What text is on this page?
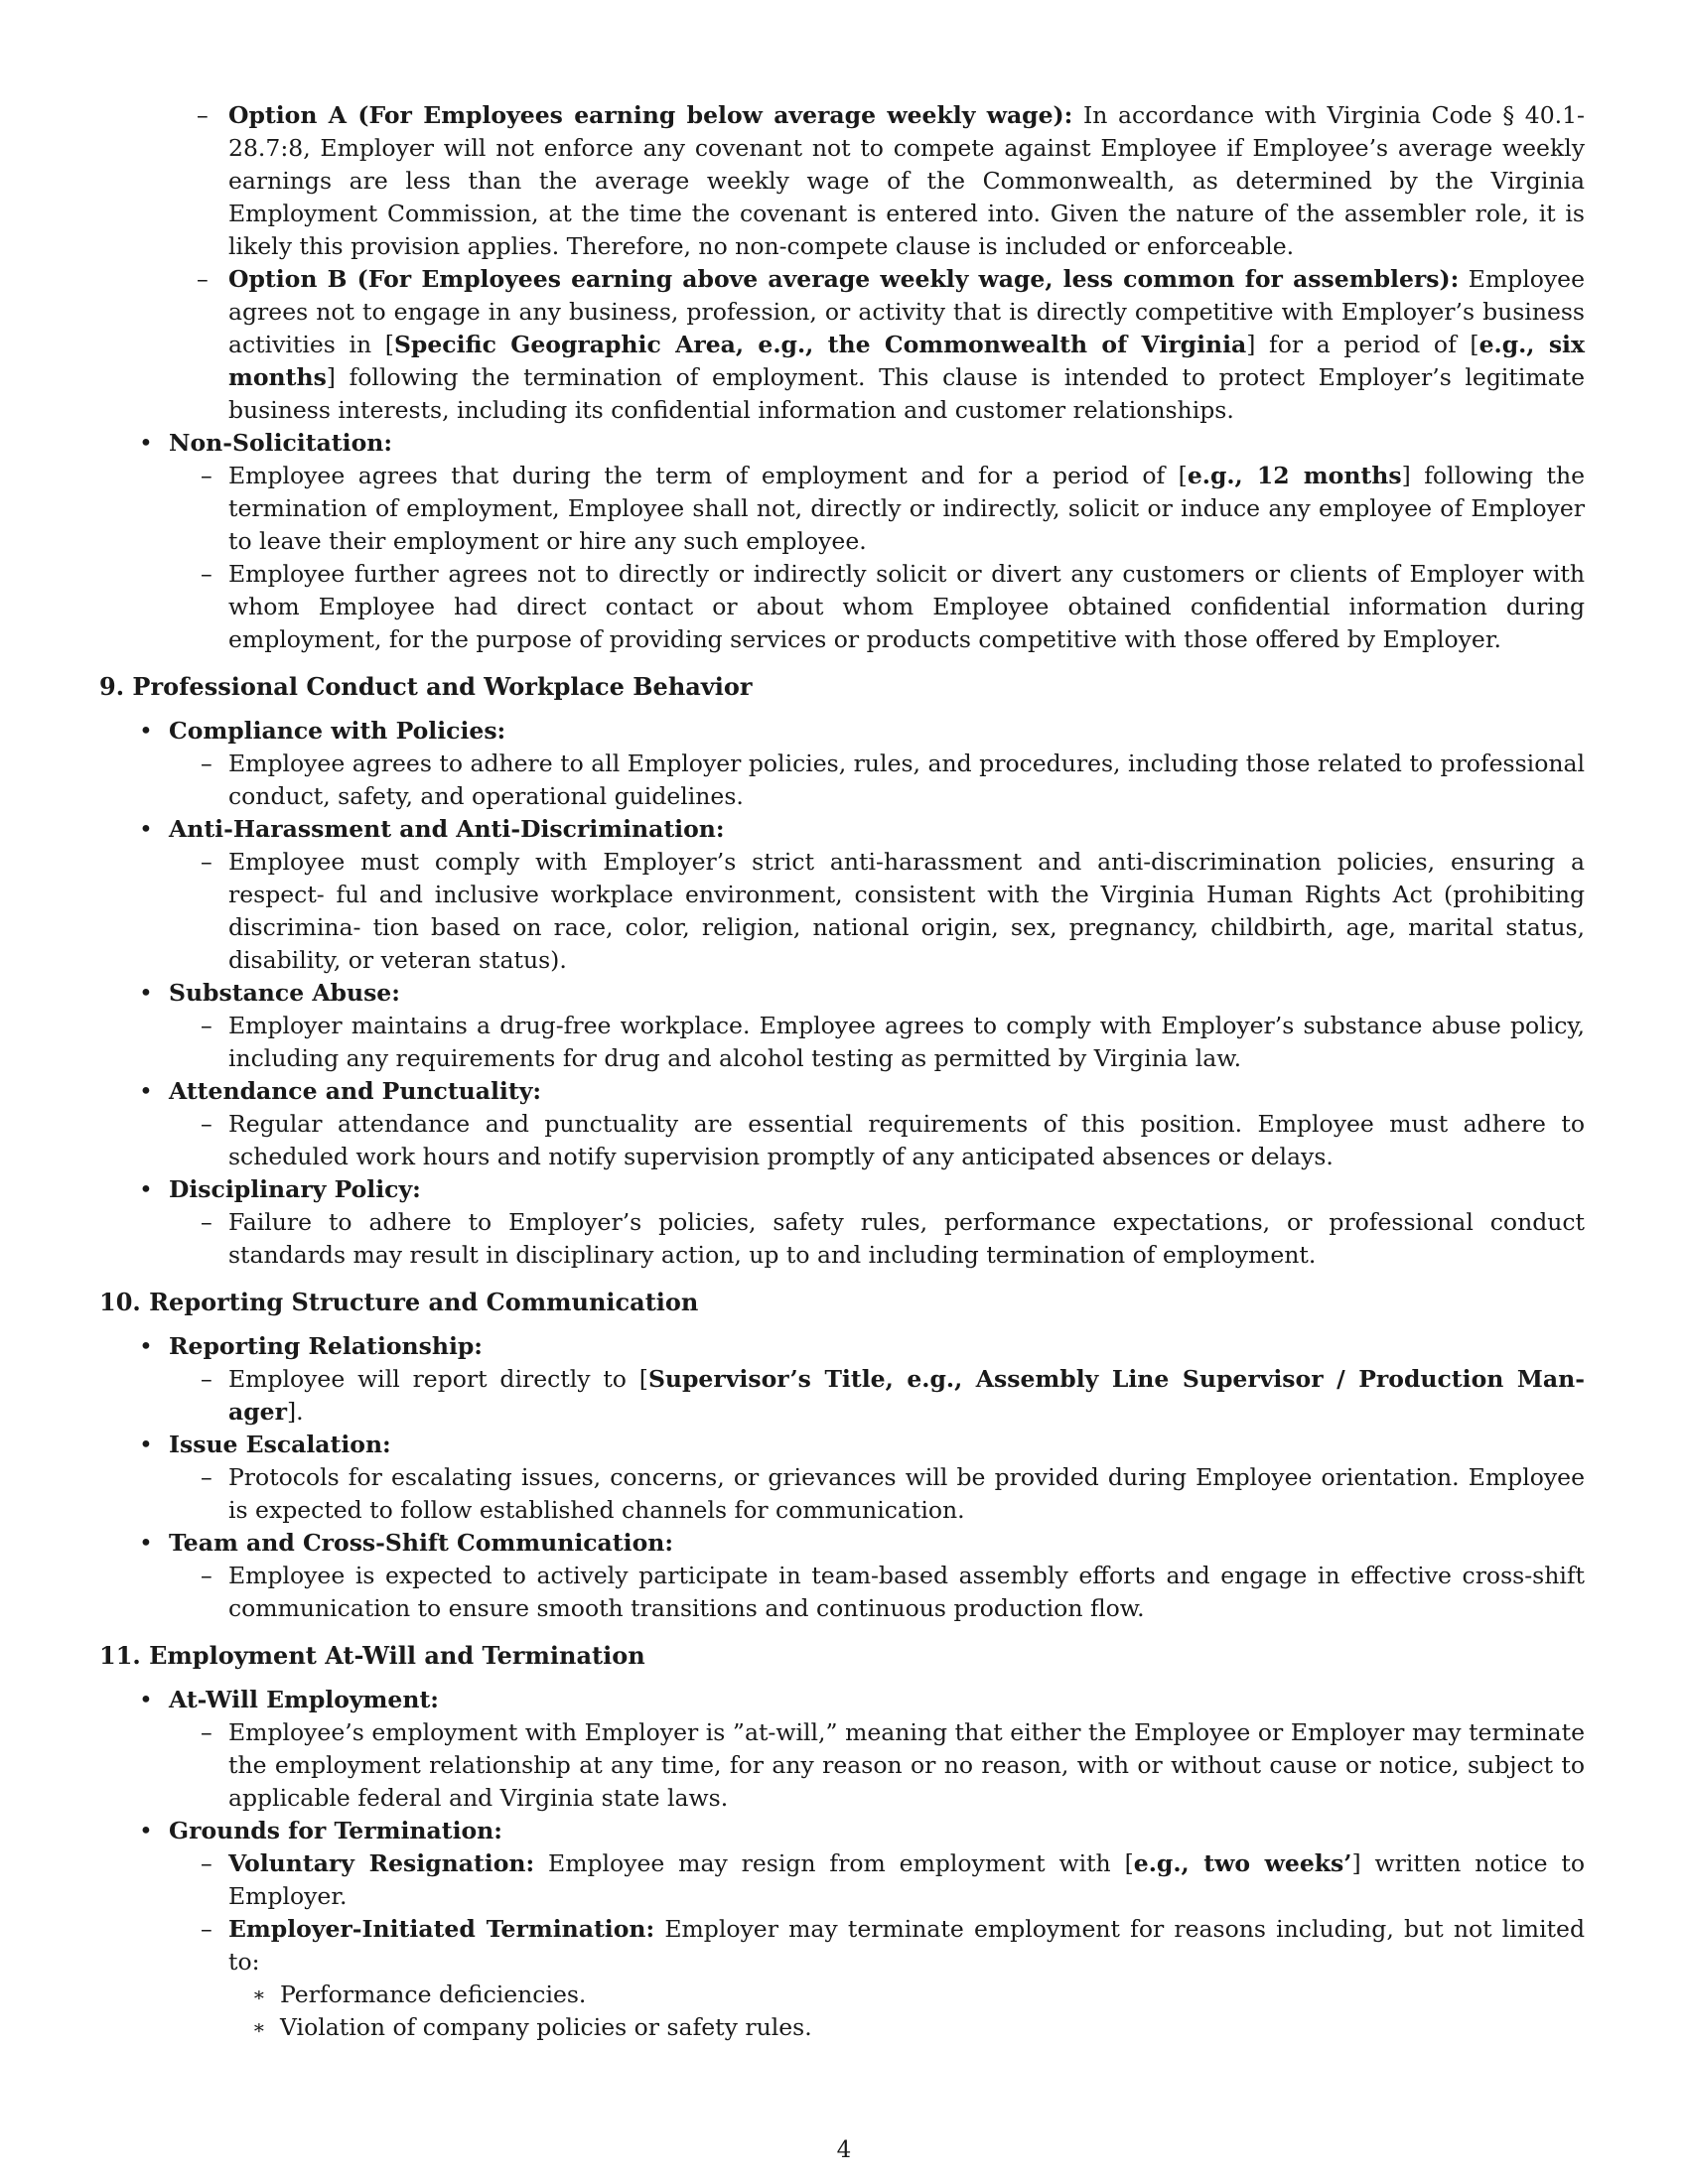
– Option A (For Employees earning below average weekly wage): In accordance with Virginia Code § 40.1-28.7:8, Employer will not enforce any covenant not to compete against Employee if Employee’s average weekly earnings are less than the average weekly wage of the Commonwealth, as determined by the Virginia Employment Commission, at the time the covenant is entered into. Given the nature of the assembler role, it is likely this provision applies. Therefore, no non-compete clause is included or enforceable.
– Option B (For Employees earning above average weekly wage, less common for assemblers): Employee agrees not to engage in any business, profession, or activity that is directly competitive with Employer’s business activities in [Specific Geographic Area, e.g., the Commonwealth of Virginia] for a period of [e.g., six months] following the termination of employment. This clause is intended to protect Employer’s legitimate business interests, including its confidential information and customer relationships.
• Non-Solicitation:
– Employee agrees that during the term of employment and for a period of [e.g., 12 months] following the termination of employment, Employee shall not, directly or indirectly, solicit or induce any employee of Employer to leave their employment or hire any such employee.
– Employee further agrees not to directly or indirectly solicit or divert any customers or clients of Employer with whom Employee had direct contact or about whom Employee obtained confidential information during employment, for the purpose of providing services or products competitive with those offered by Employer.
9. Professional Conduct and Workplace Behavior
• Compliance with Policies:
– Employee agrees to adhere to all Employer policies, rules, and procedures, including those related to professional conduct, safety, and operational guidelines.
• Anti-Harassment and Anti-Discrimination:
– Employee must comply with Employer’s strict anti-harassment and anti-discrimination policies, ensuring a respect- ful and inclusive workplace environment, consistent with the Virginia Human Rights Act (prohibiting discrimina- tion based on race, color, religion, national origin, sex, pregnancy, childbirth, age, marital status, disability, or veteran status).
• Substance Abuse:
– Employer maintains a drug-free workplace. Employee agrees to comply with Employer’s substance abuse policy, including any requirements for drug and alcohol testing as permitted by Virginia law.
• Attendance and Punctuality:
– Regular attendance and punctuality are essential requirements of this position. Employee must adhere to scheduled work hours and notify supervision promptly of any anticipated absences or delays.
• Disciplinary Policy:
– Failure to adhere to Employer’s policies, safety rules, performance expectations, or professional conduct standards may result in disciplinary action, up to and including termination of employment.
10. Reporting Structure and Communication
• Reporting Relationship:
– Employee will report directly to [Supervisor’s Title, e.g., Assembly Line Supervisor / Production Man- ager].
• Issue Escalation:
– Protocols for escalating issues, concerns, or grievances will be provided during Employee orientation. Employee is expected to follow established channels for communication.
• Team and Cross-Shift Communication:
– Employee is expected to actively participate in team-based assembly efforts and engage in effective cross-shift communication to ensure smooth transitions and continuous production flow.
11. Employment At-Will and Termination
• At-Will Employment:
– Employee’s employment with Employer is ”at-will,” meaning that either the Employee or Employer may terminate the employment relationship at any time, for any reason or no reason, with or without cause or notice, subject to applicable federal and Virginia state laws.
• Grounds for Termination:
– Voluntary Resignation: Employee may resign from employment with [e.g., two weeks’] written notice to Employer.
– Employer-Initiated Termination: Employer may terminate employment for reasons including, but not limited to:
∗ Performance deficiencies.
∗ Violation of company policies or safety rules.
4
